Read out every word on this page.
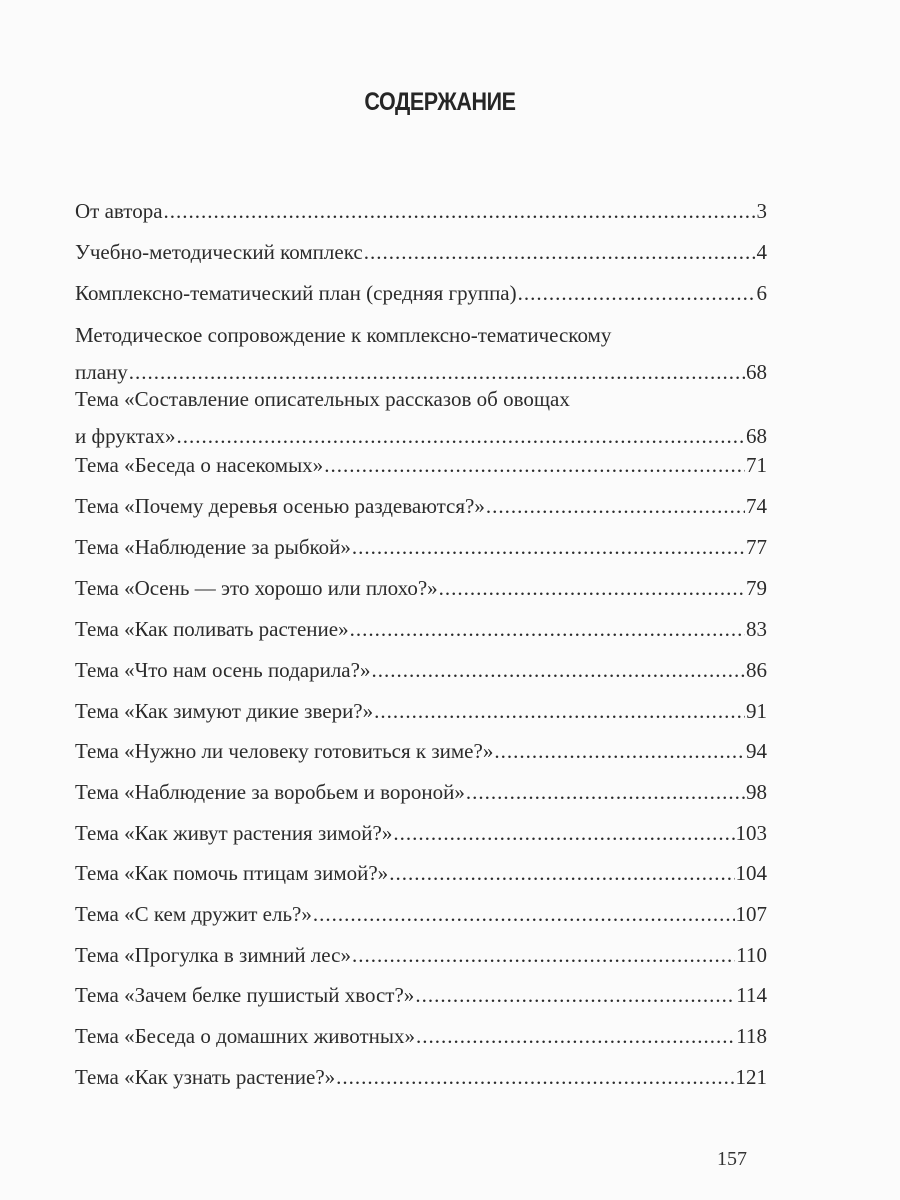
СОДЕРЖАНИЕ
От автора .....	3
Учебно-методический комплекс .....	4
Комплексно-тематический план (средняя группа) .....	6
Методическое сопровождение к комплексно-тематическому
плану .....	68
Тема «Составление описательных рассказов об овощах
и фруктах» .....	68
Тема «Беседа о насекомых» .....	71
Тема «Почему деревья осенью раздеваются?» .....	74
Тема «Наблюдение за рыбкой» .....	77
Тема «Осень — это хорошо или плохо?» .....	79
Тема «Как поливать растение» .....	83
Тема «Что нам осень подарила?» .....	86
Тема «Как зимуют дикие звери?» .....	91
Тема «Нужно ли человеку готовиться к зиме?» .....	94
Тема «Наблюдение за воробьем и вороной» .....	98
Тема «Как живут растения зимой?» .....	103
Тема «Как помочь птицам зимой?» .....	104
Тема «С кем дружит ель?» .....	107
Тема «Прогулка в зимний лес» .....	110
Тема «Зачем белке пушистый хвост?» .....	114
Тема «Беседа о домашних животных» .....	118
Тема «Как узнать растение?» .....	121
157
